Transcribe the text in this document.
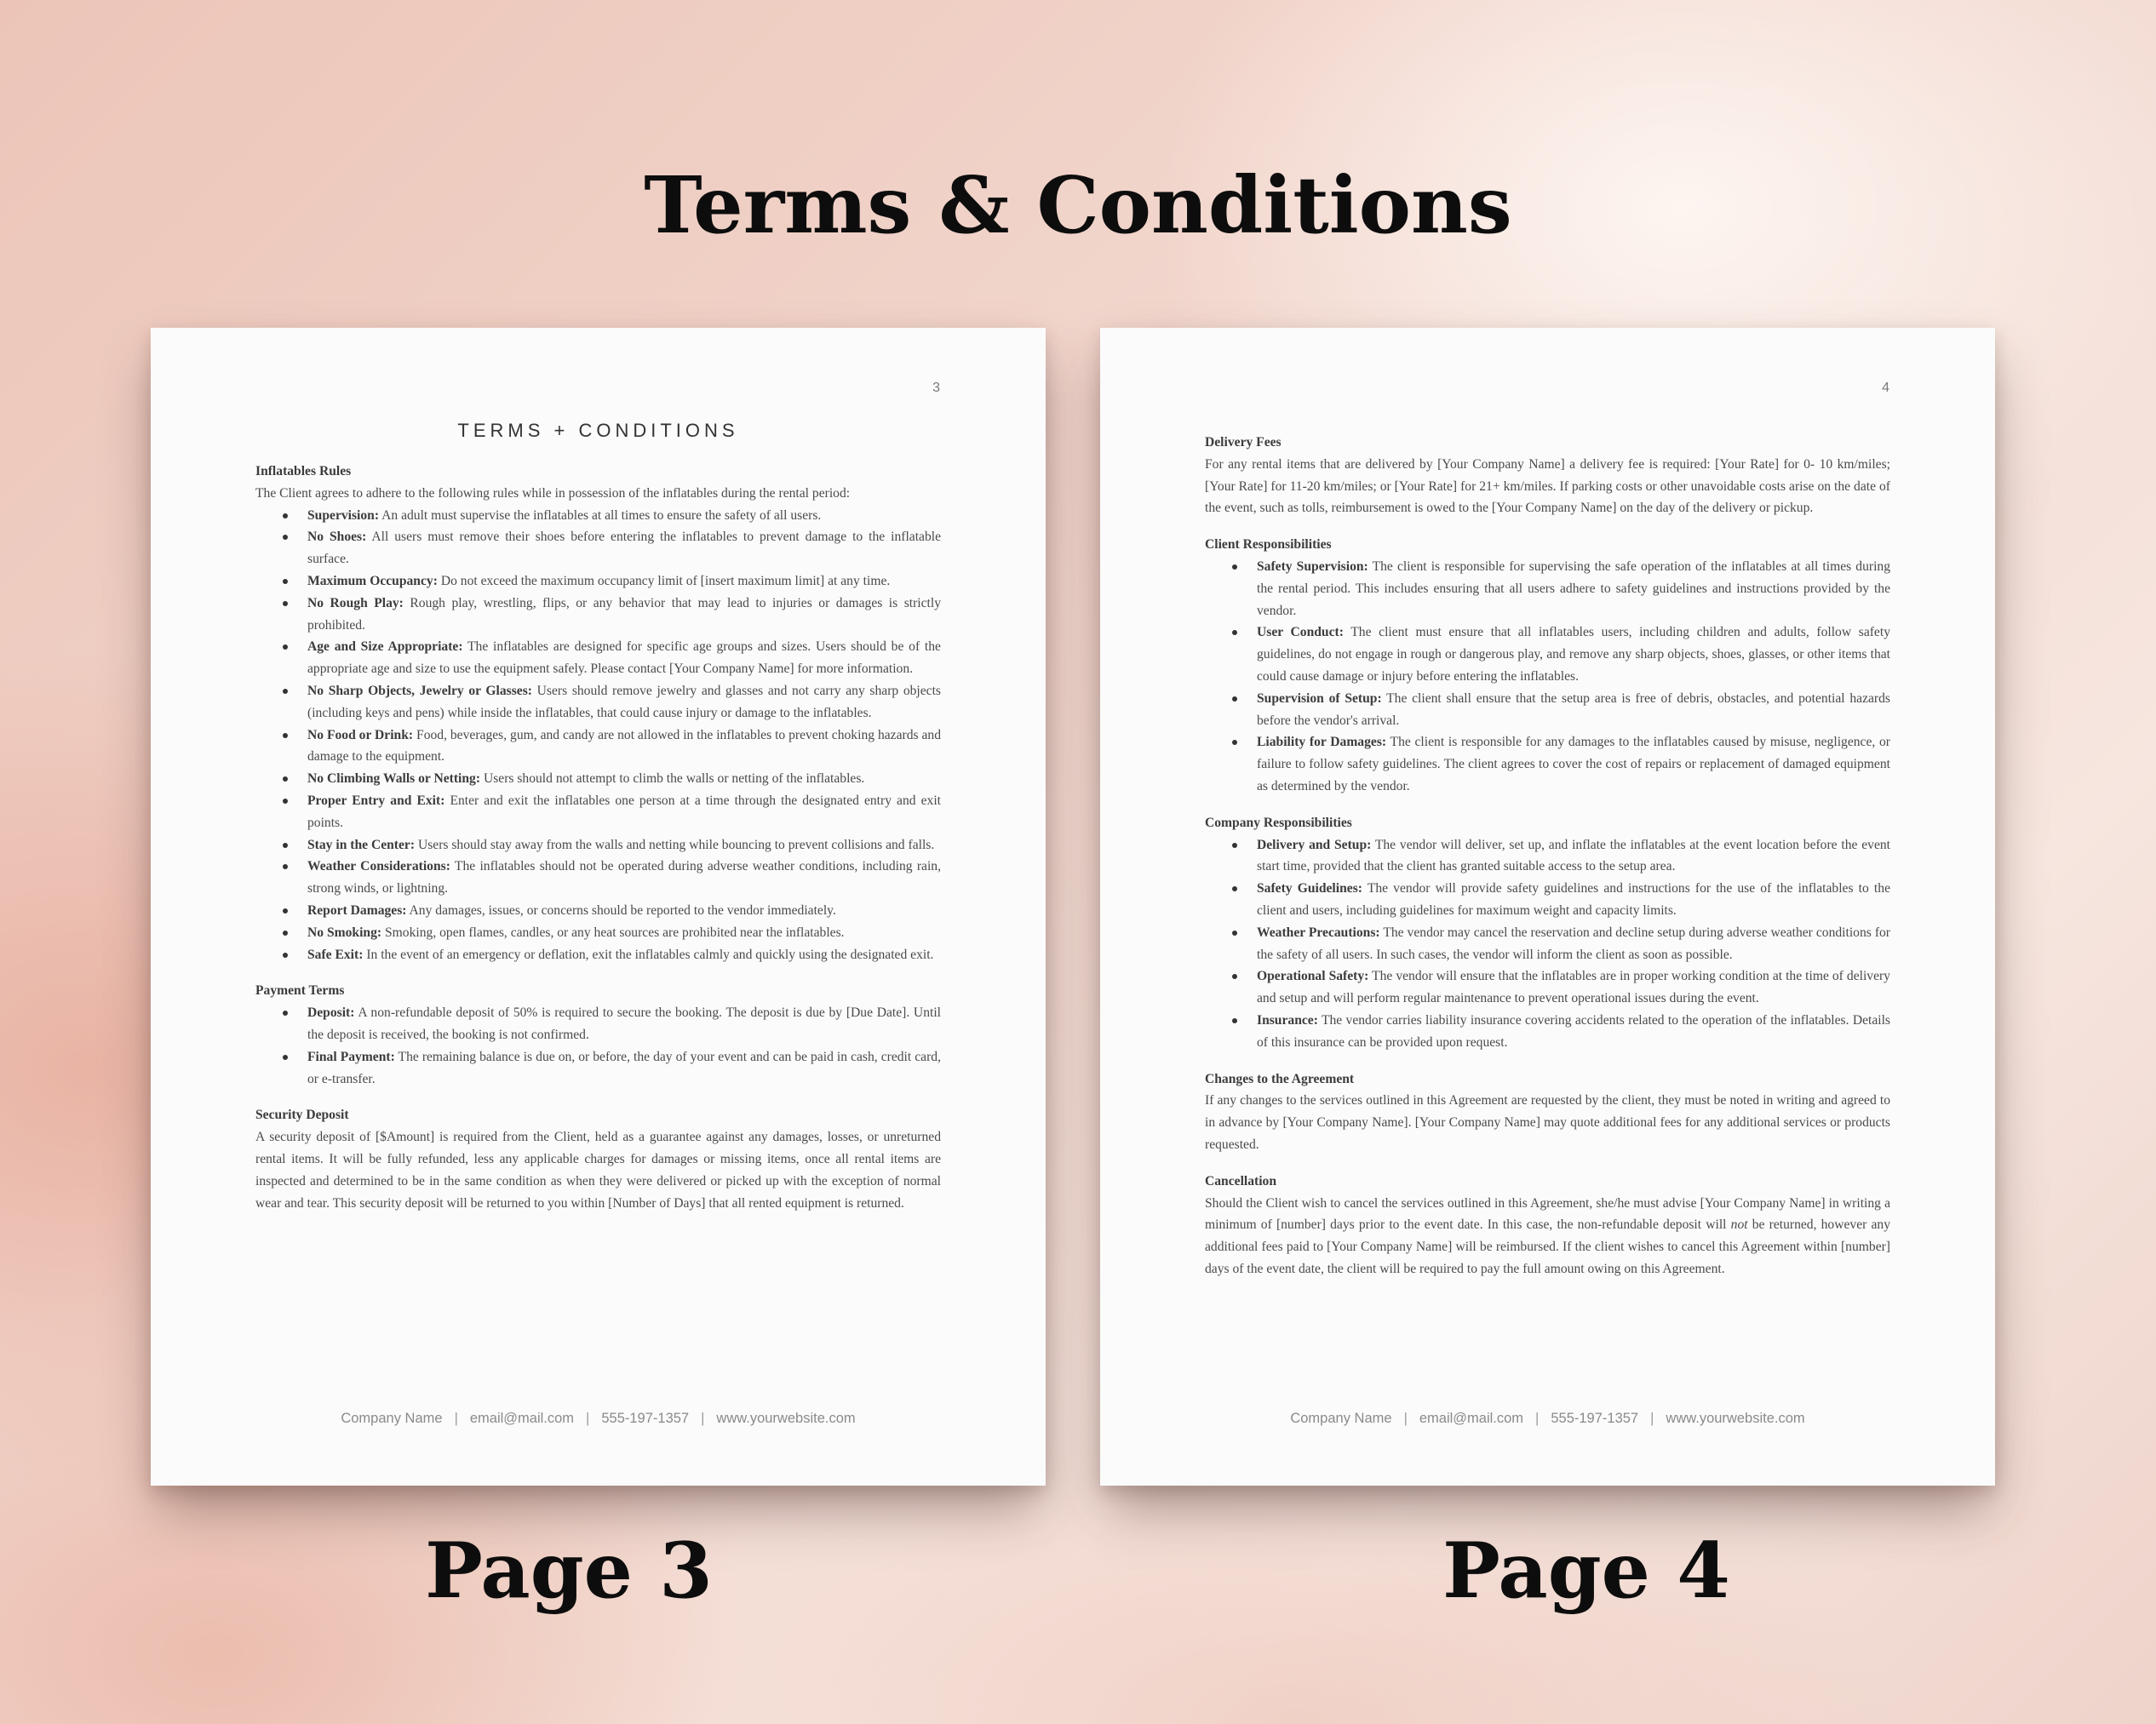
Terms & Conditions
3
TERMS + CONDITIONS

Inflatables Rules

The Client agrees to adhere to the following rules while in possession of the inflatables during the rental period:

Supervision: An adult must supervise the inflatables at all times to ensure the safety of all users.
No Shoes: All users must remove their shoes before entering the inflatables to prevent damage to the inflatable surface.
Maximum Occupancy: Do not exceed the maximum occupancy limit of [insert maximum limit] at any time.
No Rough Play: Rough play, wrestling, flips, or any behavior that may lead to injuries or damages is strictly prohibited.
Age and Size Appropriate: The inflatables are designed for specific age groups and sizes. Users should be of the appropriate age and size to use the equipment safely. Please contact [Your Company Name] for more information.
No Sharp Objects, Jewelry or Glasses: Users should remove jewelry and glasses and not carry any sharp objects (including keys and pens) while inside the inflatables, that could cause injury or damage to the inflatables.
No Food or Drink: Food, beverages, gum, and candy are not allowed in the inflatables to prevent choking hazards and damage to the equipment.
No Climbing Walls or Netting: Users should not attempt to climb the walls or netting of the inflatables.
Proper Entry and Exit: Enter and exit the inflatables one person at a time through the designated entry and exit points.
Stay in the Center: Users should stay away from the walls and netting while bouncing to prevent collisions and falls.
Weather Considerations: The inflatables should not be operated during adverse weather conditions, including rain, strong winds, or lightning.
Report Damages: Any damages, issues, or concerns should be reported to the vendor immediately.
No Smoking: Smoking, open flames, candles, or any heat sources are prohibited near the inflatables.
Safe Exit: In the event of an emergency or deflation, exit the inflatables calmly and quickly using the designated exit.

Payment Terms

Deposit: A non-refundable deposit of 50% is required to secure the booking. The deposit is due by [Due Date]. Until the deposit is received, the booking is not confirmed.
Final Payment: The remaining balance is due on, or before, the day of your event and can be paid in cash, credit card, or e-transfer.

Security Deposit

A security deposit of [$Amount] is required from the Client, held as a guarantee against any damages, losses, or unreturned rental items. It will be fully refunded, less any applicable charges for damages or missing items, once all rental items are inspected and determined to be in the same condition as when they were delivered or picked up with the exception of normal wear and tear. This security deposit will be returned to you within [Number of Days] that all rented equipment is returned.

Company Name | email@mail.com | 555-197-1357 | www.yourwebsite.com
4

Delivery Fees

For any rental items that are delivered by [Your Company Name] a delivery fee is required: [Your Rate] for 0- 10 km/miles; [Your Rate] for 11-20 km/miles; or [Your Rate] for 21+ km/miles. If parking costs or other unavoidable costs arise on the date of the event, such as tolls, reimbursement is owed to the [Your Company Name] on the day of the delivery or pickup.

Client Responsibilities

Safety Supervision: The client is responsible for supervising the safe operation of the inflatables at all times during the rental period. This includes ensuring that all users adhere to safety guidelines and instructions provided by the vendor.
User Conduct: The client must ensure that all inflatables users, including children and adults, follow safety guidelines, do not engage in rough or dangerous play, and remove any sharp objects, shoes, glasses, or other items that could cause damage or injury before entering the inflatables.
Supervision of Setup: The client shall ensure that the setup area is free of debris, obstacles, and potential hazards before the vendor's arrival.
Liability for Damages: The client is responsible for any damages to the inflatables caused by misuse, negligence, or failure to follow safety guidelines. The client agrees to cover the cost of repairs or replacement of damaged equipment as determined by the vendor.

Company Responsibilities

Delivery and Setup: The vendor will deliver, set up, and inflate the inflatables at the event location before the event start time, provided that the client has granted suitable access to the setup area.
Safety Guidelines: The vendor will provide safety guidelines and instructions for the use of the inflatables to the client and users, including guidelines for maximum weight and capacity limits.
Weather Precautions: The vendor may cancel the reservation and decline setup during adverse weather conditions for the safety of all users. In such cases, the vendor will inform the client as soon as possible.
Operational Safety: The vendor will ensure that the inflatables are in proper working condition at the time of delivery and setup and will perform regular maintenance to prevent operational issues during the event.
Insurance: The vendor carries liability insurance covering accidents related to the operation of the inflatables. Details of this insurance can be provided upon request.

Changes to the Agreement

If any changes to the services outlined in this Agreement are requested by the client, they must be noted in writing and agreed to in advance by [Your Company Name]. [Your Company Name] may quote additional fees for any additional services or products requested.

Cancellation

Should the Client wish to cancel the services outlined in this Agreement, she/he must advise [Your Company Name] in writing a minimum of [number] days prior to the event date. In this case, the non-refundable deposit will not be returned, however any additional fees paid to [Your Company Name] will be reimbursed. If the client wishes to cancel this Agreement within [number] days of the event date, the client will be required to pay the full amount owing on this Agreement.

Company Name | email@mail.com | 555-197-1357 | www.yourwebsite.com
Page 3	Page 4
